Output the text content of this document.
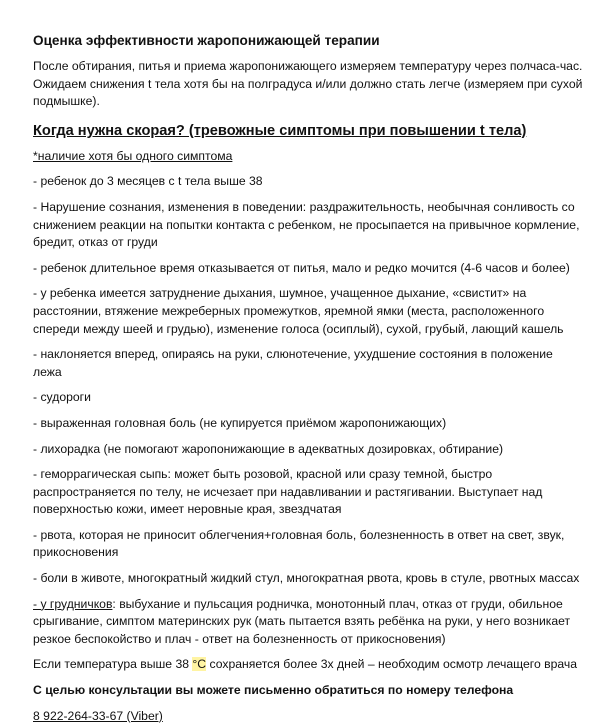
Оценка эффективности жаропонижающей терапии
После обтирания, питья и приема жаропонижающего измеряем температуру через полчаса-час. Ожидаем снижения t тела хотя бы на полградуса и/или должно стать легче (измеряем при сухой подмышке).
Когда нужна скорая? (тревожные симптомы при повышении t тела)
*наличие хотя бы одного симптома
- ребенок до 3 месяцев с t тела выше 38
- Нарушение сознания, изменения в поведении: раздражительность, необычная сонливость со снижением реакции на попытки контакта с ребенком, не просыпается на привычное кормление, бредит, отказ от груди
- ребенок длительное время отказывается от питья, мало и редко мочится (4-6 часов и более)
- у ребенка имеется затруднение дыхания, шумное, учащенное дыхание, «свистит» на расстоянии, втяжение межреберных промежутков, яремной ямки (места, расположенного спереди между шеей и грудью), изменение голоса (осиплый), сухой, грубый, лающий кашель
- наклоняется вперед, опираясь на руки, слюнотечение, ухудшение состояния в положение лежа
- судороги
- выраженная головная боль (не купируется приёмом жаропонижающих)
- лихорадка (не помогают жаропонижающие в адекватных дозировках, обтирание)
- геморрагическая сыпь: может быть розовой, красной или сразу темной, быстро распространяется по телу, не исчезает при надавливании и растягивании. Выступает над поверхностью кожи, имеет неровные края, звездчатая
- рвота, которая не приносит облегчения+головная боль, болезненность в ответ на свет, звук, прикосновения
- боли в животе, многократный жидкий стул, многократная рвота, кровь в стуле, рвотных массах
- у грудничков: выбухание и пульсация родничка, монотонный плач, отказ от груди, обильное срыгивание, симптом материнских рук (мать пытается взять ребёнка на руки, у него возникает резкое беспокойство и плач - ответ на болезненность от прикосновения)
Если температура выше 38 °С сохраняется более 3х дней – необходим осмотр лечащего врача
С целью консультации вы можете письменно обратиться по номеру телефона
8 922-264-33-67 (Viber)
